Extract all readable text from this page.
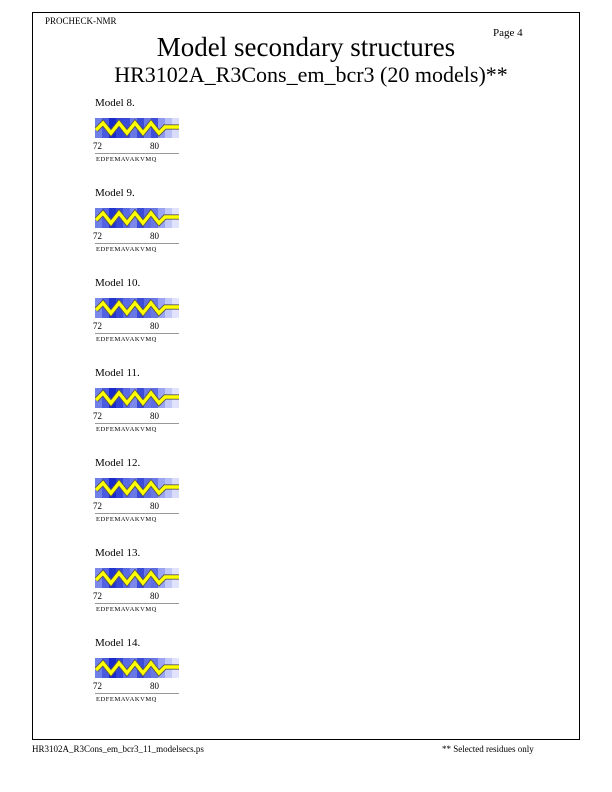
PROCHECK-NMR
Page 4
Model secondary structures
HR3102A_R3Cons_em_bcr3 (20 models)**
Model 8.
72	80
EDFEMAVAKVMQ
Model 9.
72	80
EDFEMAVAKVMQ
Model 10.
72	80
EDFEMAVAKVMQ
Model 11.
72	80
EDFEMAVAKVMQ
Model 12.
72	80
EDFEMAVAKVMQ
Model 13.
72	80
EDFEMAVAKVMQ
Model 14.
72	80
EDFEMAVAKVMQ
HR3102A_R3Cons_em_bcr3_11_modelsecs.ps	** Selected residues only
